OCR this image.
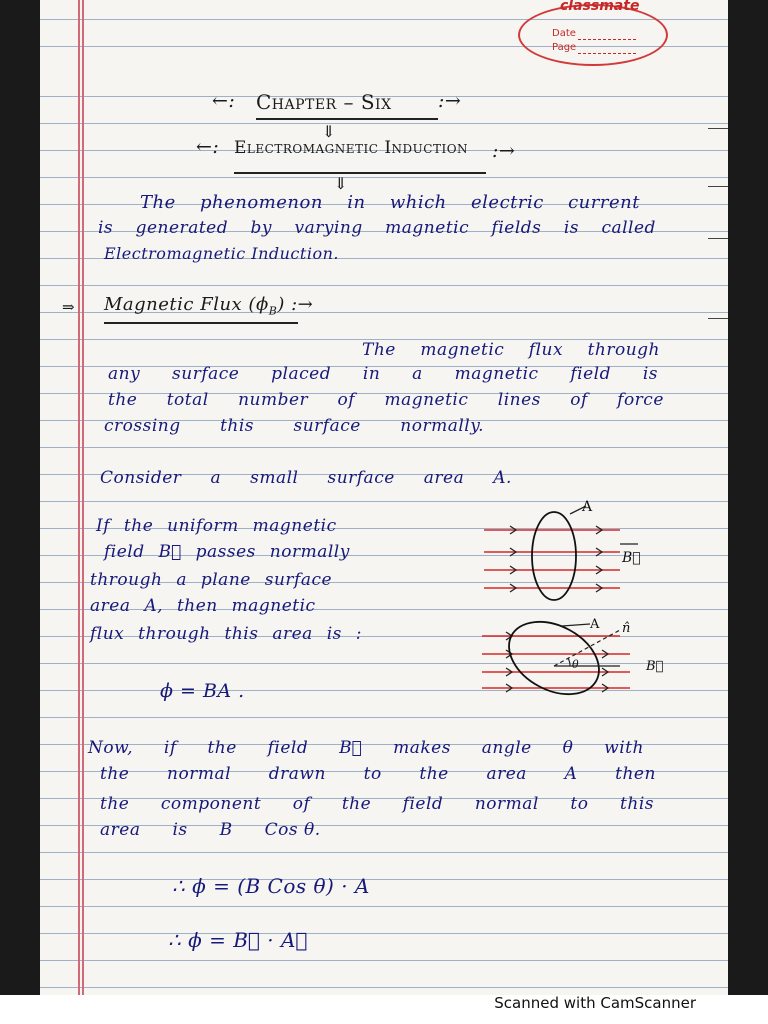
classmate
Date
Page
←: Chapter – Six :→
⇓
←: Electromagnetic Induction :→
⇓
The phenomenon in which electric current
is generated by varying magnetic fields is called
Electromagnetic Induction.
⇒ Magnetic Flux $(\phi_B)$ :→
The magnetic flux through
any surface placed in a magnetic field is
the total number of magnetic lines of force
crossing this surface normally.
Consider a small surface area A.
If the uniform magnetic
field B⃗ passes normally
through a plane surface
area A, then magnetic
flux through this area is :
ϕ = BA .
A
B⃗
A n̂
θ	B⃗
Now, if the field B⃗ makes angle θ with
the normal drawn to the area A then
the component of the field normal to this
area is B Cos θ.
∴ ϕ = (B Cos θ) · A
∴ ϕ = B⃗ · A⃗
Scanned with CamScanner
